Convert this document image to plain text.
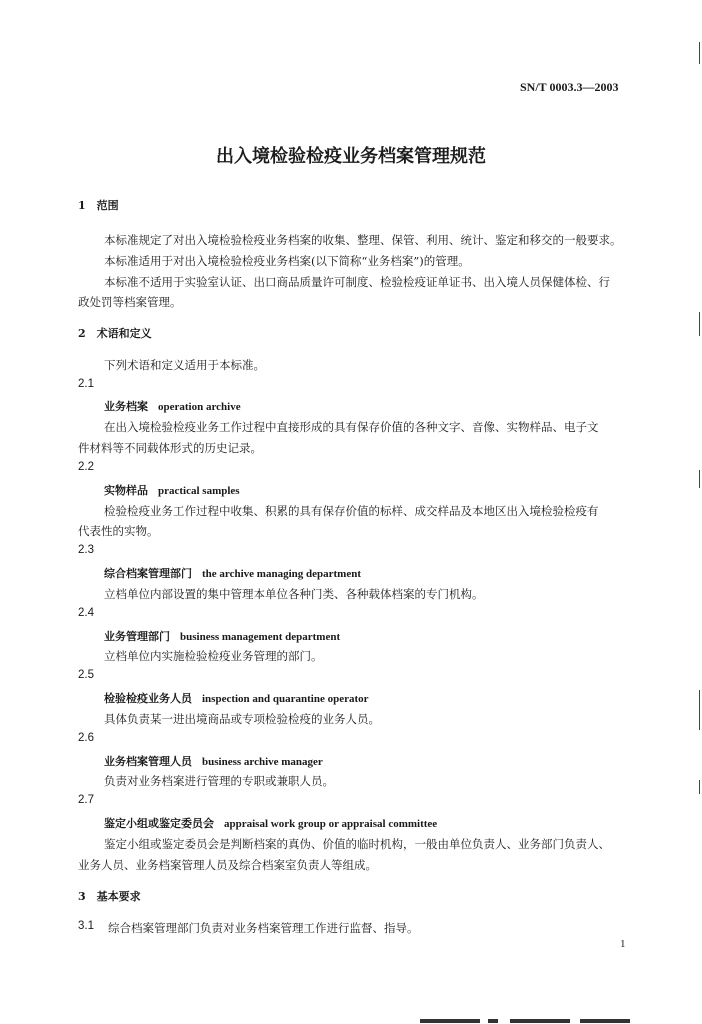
SN/T 0003.3—2003
出入境检验检疫业务档案管理规范
1　范围
本标准规定了对出入境检验检疫业务档案的收集、整理、保管、利用、统计、鉴定和移交的一般要求。
本标准适用于对出入境检验检疫业务档案(以下简称“业务档案”)的管理。
本标准不适用于实验室认证、出口商品质量许可制度、检验检疫证单证书、出入境人员保健体检、行
政处罚等档案管理。
2　术语和定义
下列术语和定义适用于本标准。
2.1
业务档案 operation archive
在出入境检验检疫业务工作过程中直接形成的具有保存价值的各种文字、音像、实物样品、电子文
件材料等不同载体形式的历史记录。
2.2
实物样品 practical samples
检验检疫业务工作过程中收集、积累的具有保存价值的标样、成交样品及本地区出入境检验检疫有
代表性的实物。
2.3
综合档案管理部门 the archive managing department
立档单位内部设置的集中管理本单位各种门类、各种载体档案的专门机构。
2.4
业务管理部门 business management department
立档单位内实施检验检疫业务管理的部门。
2.5
检验检疫业务人员 inspection and quarantine operator
具体负责某一进出境商品或专项检验检疫的业务人员。
2.6
业务档案管理人员 business archive manager
负责对业务档案进行管理的专职或兼职人员。
2.7
鉴定小组或鉴定委员会 appraisal work group or appraisal committee
鉴定小组或鉴定委员会是判断档案的真伪、价值的临时机构，一般由单位负责人、业务部门负责人、
业务人员、业务档案管理人员及综合档案室负责人等组成。
3　基本要求
3.1 综合档案管理部门负责对业务档案管理工作进行监督、指导。
1
